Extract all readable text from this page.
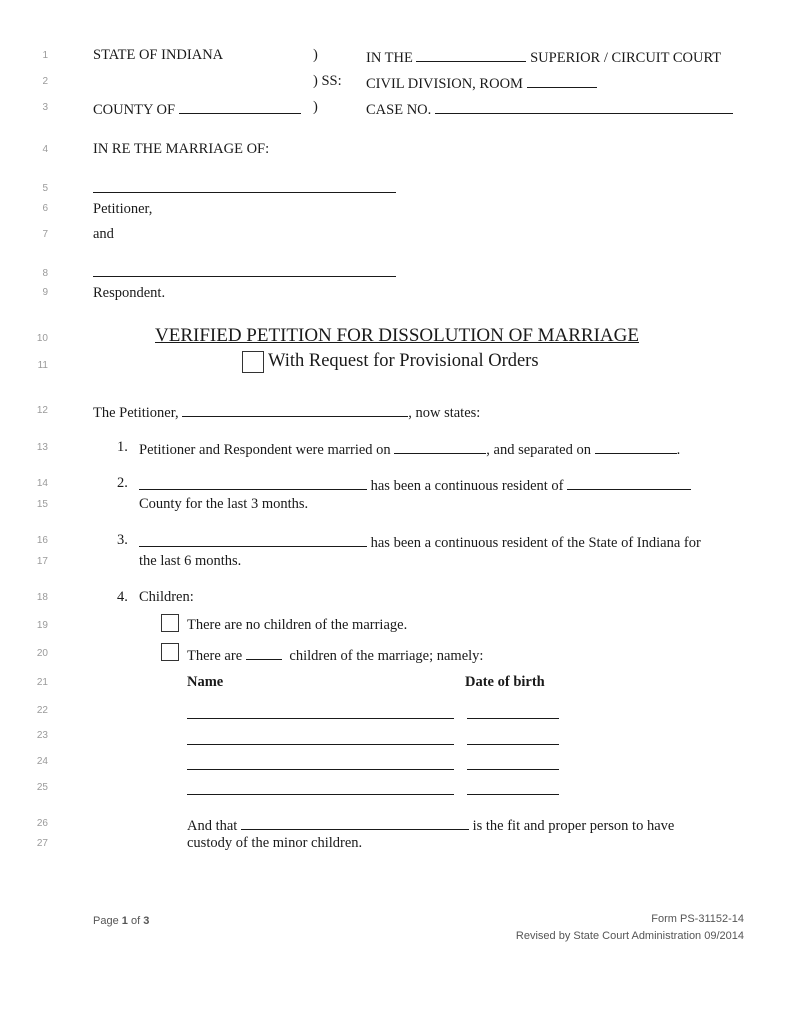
1
2
3
4
5
6
7
8
9
10
11
12
13
14
15
16
17
18
19
20
21
22
23
24
25
26
27
STATE OF INDIANA	)
) SS:
COUNTY OF	)
IN THE	SUPERIOR / CIRCUIT COURT
CIVIL DIVISION, ROOM
CASE NO.
IN RE THE MARRIAGE OF:
Petitioner,
and
Respondent.
VERIFIED PETITION FOR DISSOLUTION OF MARRIAGE
With Request for Provisional Orders
The Petitioner,	, now states:
1. Petitioner and Respondent were married on	, and separated on	.
2.	has been a continuous resident of
County for the last 3 months.
3.	has been a continuous resident of the State of Indiana for
the last 6 months.
4. Children:
There are no children of the marriage.
There are	children of the marriage; namely:
Name	Date of birth
And that	is the fit and proper person to have
custody of the minor children.
Page 1 of 3	Form PS-31152-14
Revised by State Court Administration 09/2014
